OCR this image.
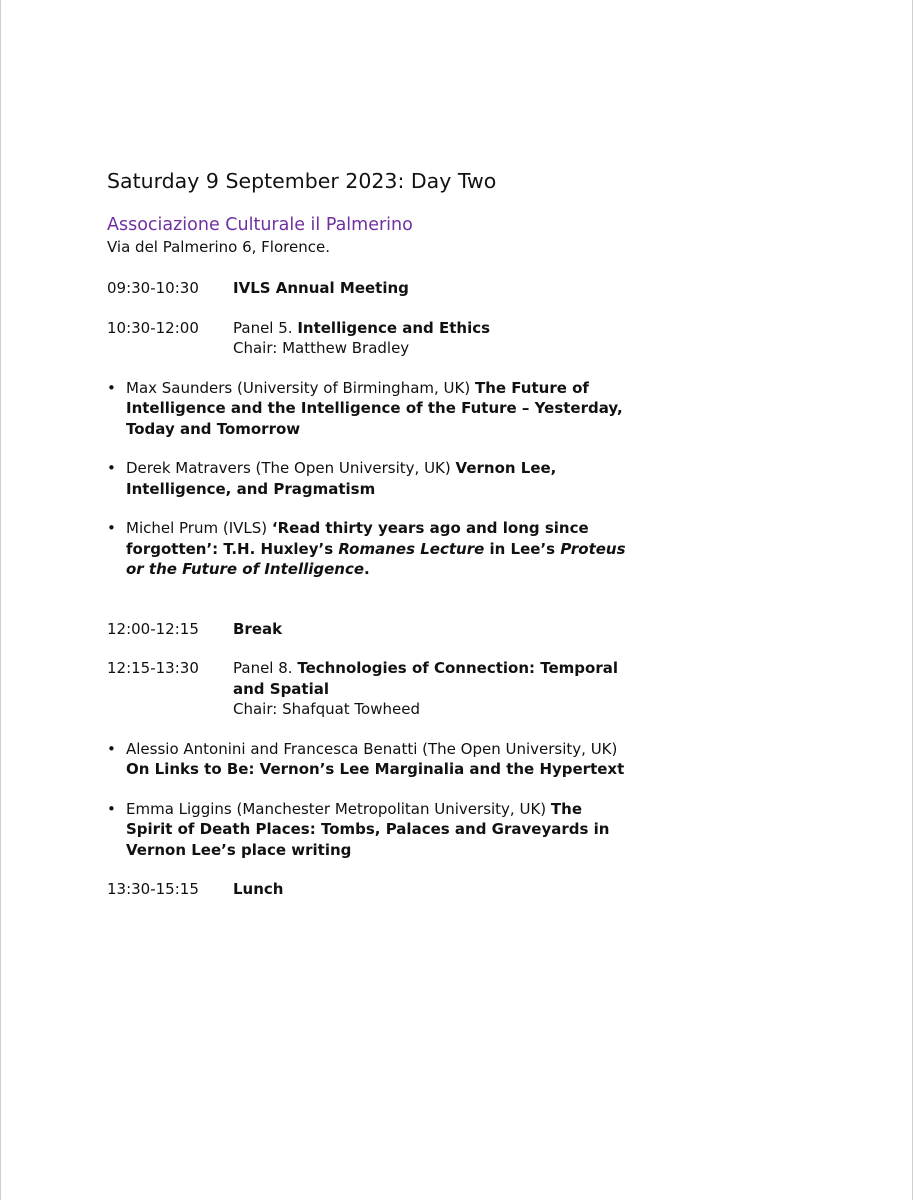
Saturday 9 September 2023: Day Two
Associazione Culturale il Palmerino
Via del Palmerino 6, Florence.
09:30-10:30	IVLS Annual Meeting
10:30-12:00	Panel 5. Intelligence and Ethics
Chair: Matthew Bradley
• Max Saunders (University of Birmingham, UK) The Future of Intelligence and the Intelligence of the Future – Yesterday, Today and Tomorrow
• Derek Matravers (The Open University, UK) Vernon Lee, Intelligence, and Pragmatism
• Michel Prum (IVLS) ‘Read thirty years ago and long since forgotten’: T.H. Huxley’s Romanes Lecture in Lee’s Proteus or the Future of Intelligence.
12:00-12:15	Break
12:15-13:30	Panel 8. Technologies of Connection: Temporal and Spatial
Chair: Shafquat Towheed
• Alessio Antonini and Francesca Benatti (The Open University, UK)
On Links to Be: Vernon’s Lee Marginalia and the Hypertext
• Emma Liggins (Manchester Metropolitan University, UK) The Spirit of Death Places: Tombs, Palaces and Graveyards in Vernon Lee’s place writing
13:30-15:15	Lunch
